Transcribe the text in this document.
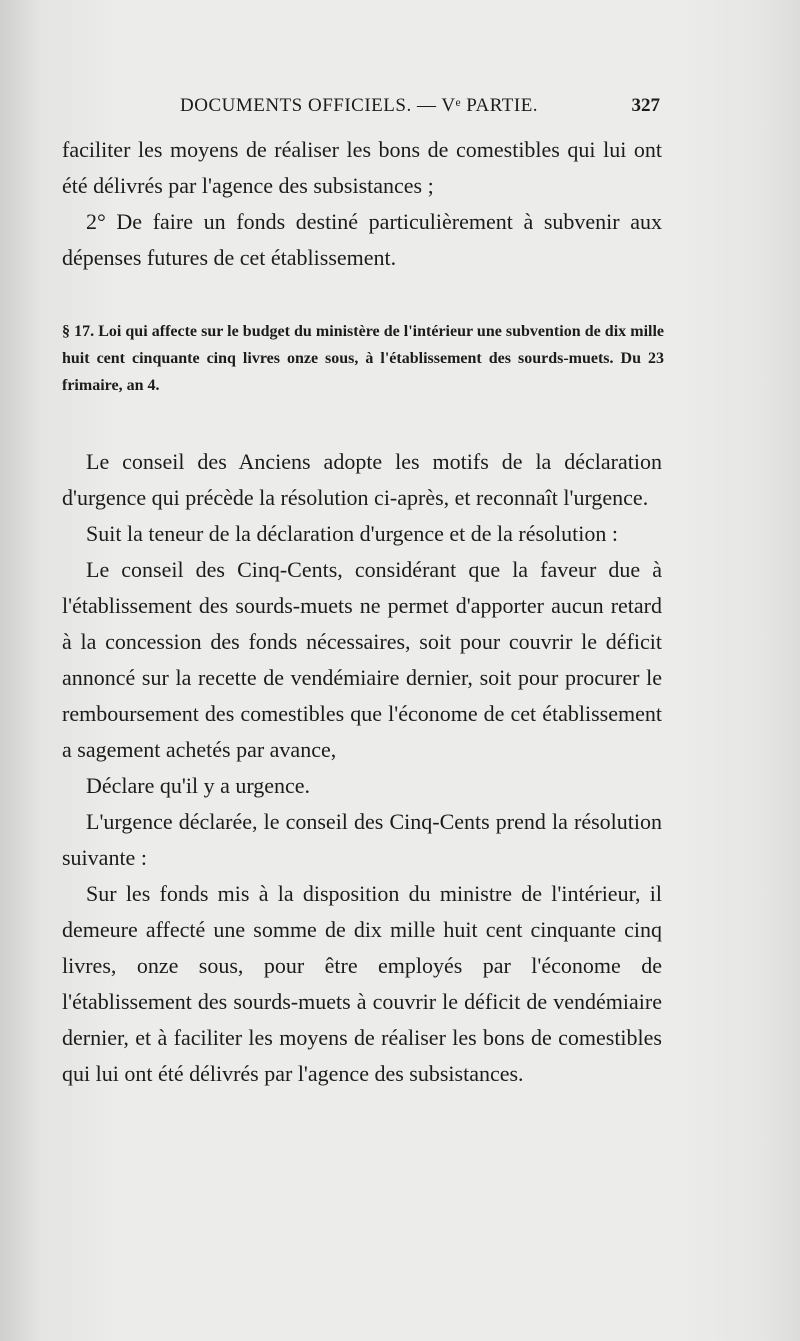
DOCUMENTS OFFICIELS. — Vᵉ PARTIE.	327

faciliter les moyens de réaliser les bons de comestibles qui lui ont été délivrés par l'agence des subsistances ;

2° De faire un fonds destiné particulièrement à subvenir aux dépenses futures de cet établissement.

§ 17. Loi qui affecte sur le budget du ministère de l'intérieur une subvention de dix mille huit cent cinquante cinq livres onze sous, à l'établissement des sourds-muets. Du 23 frimaire, an 4.

Le conseil des Anciens adopte les motifs de la déclaration d'urgence qui précède la résolution ci-après, et reconnaît l'urgence.

Suit la teneur de la déclaration d'urgence et de la résolution :

Le conseil des Cinq-Cents, considérant que la faveur due à l'établissement des sourds-muets ne permet d'apporter aucun retard à la concession des fonds nécessaires, soit pour couvrir le déficit annoncé sur la recette de vendémiaire dernier, soit pour procurer le remboursement des comestibles que l'économe de cet établissement a sagement achetés par avance,

Déclare qu'il y a urgence.

L'urgence déclarée, le conseil des Cinq-Cents prend la résolution suivante :

Sur les fonds mis à la disposition du ministre de l'intérieur, il demeure affecté une somme de dix mille huit cent cinquante cinq livres, onze sous, pour être employés par l'économe de l'établissement des sourds-muets à couvrir le déficit de vendémiaire dernier, et à faciliter les moyens de réaliser les bons de comestibles qui lui ont été délivrés par l'agence des subsistances.
